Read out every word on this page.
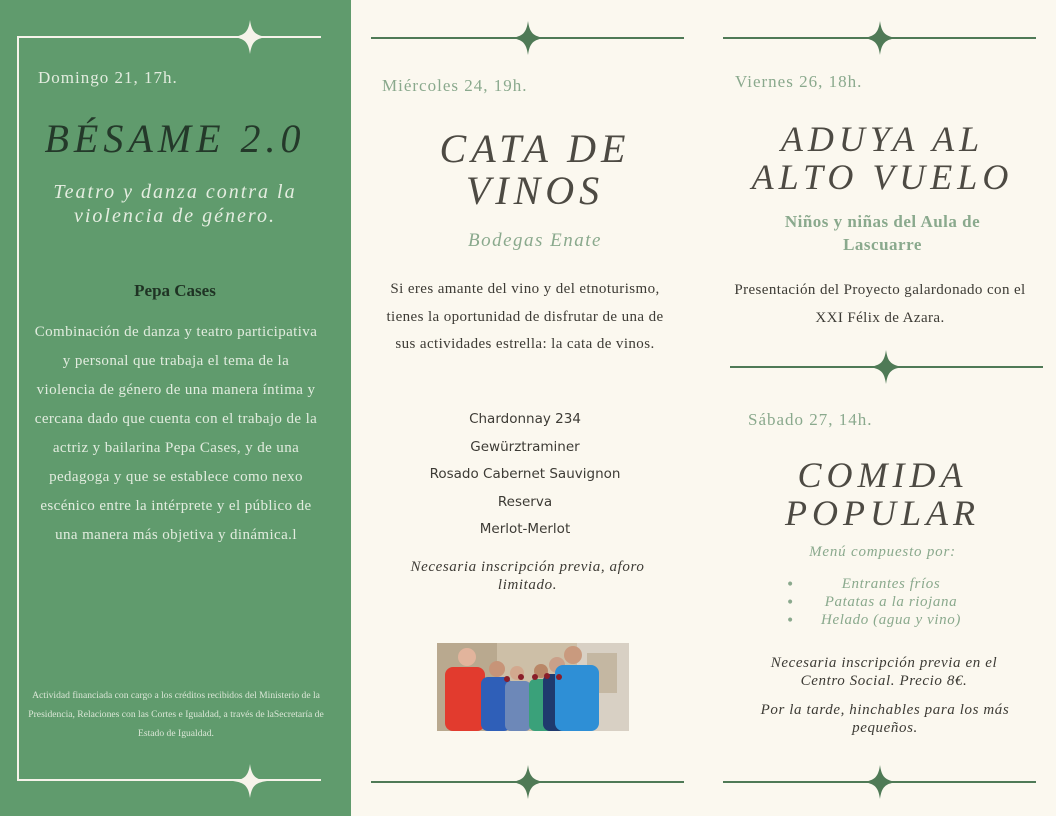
Domingo 21, 17h.
BÉSAME 2.0
Teatro y danza contra la violencia de género.
Pepa Cases
Combinación de danza y teatro participativa y personal que trabaja el tema de la violencia de género de una manera íntima y cercana dado que cuenta con el trabajo de la actriz y bailarina Pepa Cases, y de una pedagoga y que se establece como nexo escénico entre la intérprete y el público de una manera más objetiva y dinámica.l
Actividad financiada con cargo a los créditos recibidos del Ministerio de la Presidencia, Relaciones con las Cortes e Igualdad, a través de laSecretaría de Estado de Igualdad.
Miércoles 24, 19h.
CATA DE VINOS
Bodegas Enate
Si eres amante del vino y del etnoturismo, tienes la oportunidad de disfrutar de una de sus actividades estrella: la cata de vinos.
Chardonnay 234
Gewürztraminer
Rosado Cabernet Sauvignon
Reserva
Merlot-Merlot
Necesaria inscripción previa, aforo limitado.
Viernes 26, 18h.
ADUYA AL ALTO VUELO
Niños y niñas del Aula de Lascuarre
Presentación del Proyecto galardonado con el XXI Félix de Azara.
Sábado 27, 14h.
COMIDA POPULAR
Menú compuesto por:
•	Entrantes fríos
•	Patatas a la riojana
•	Helado (agua y vino)
Necesaria inscripción previa en el Centro Social. Precio 8€.
Por la tarde, hinchables para los más pequeños.
